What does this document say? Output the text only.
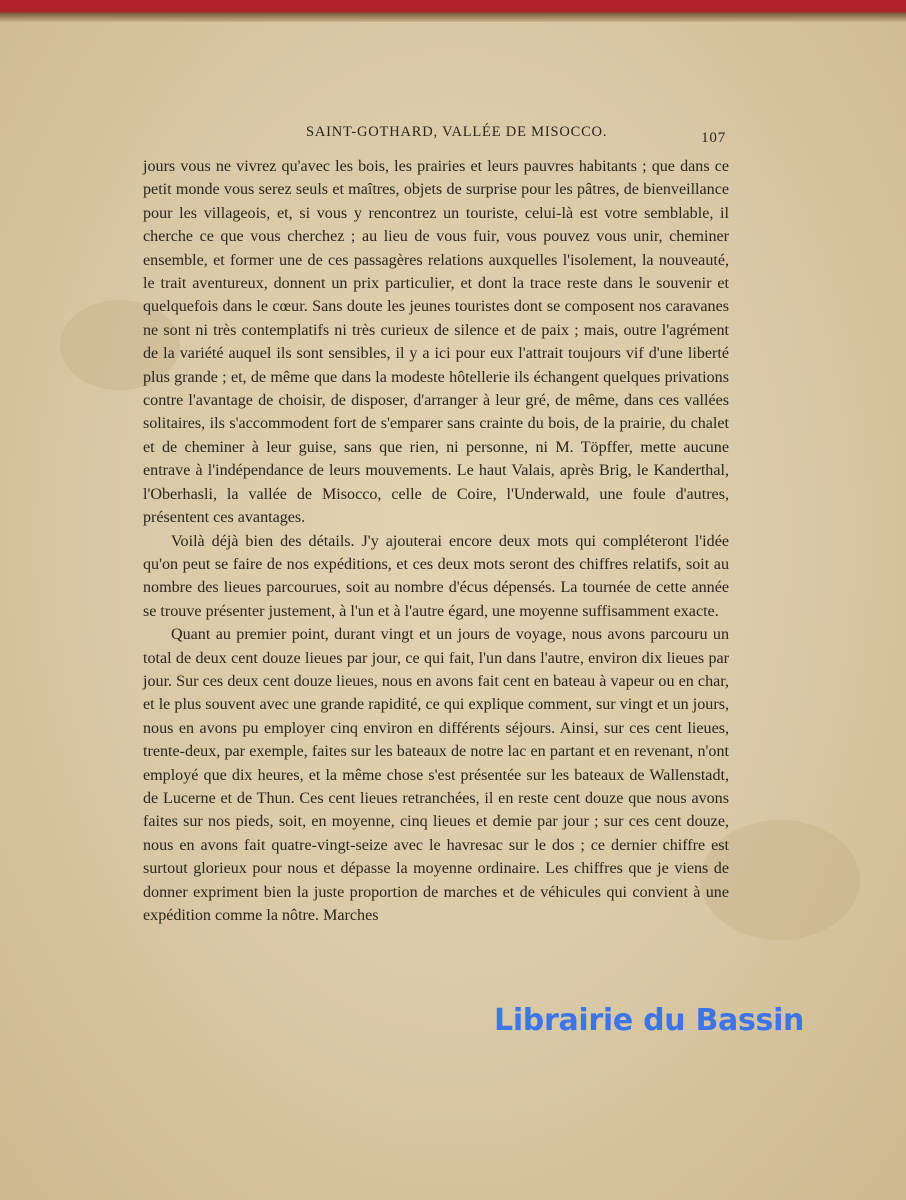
SAINT-GOTHARD, VALLÉE DE MISOCCO.	107

jours vous ne vivrez qu'avec les bois, les prairies et leurs pauvres habitants ; que dans ce petit monde vous serez seuls et maîtres, objets de surprise pour les pâtres, de bienveillance pour les villageois, et, si vous y rencontrez un touriste, celui-là est votre semblable, il cherche ce que vous cherchez ; au lieu de vous fuir, vous pouvez vous unir, cheminer ensemble, et former une de ces passagères relations auxquelles l'isolement, la nouveauté, le trait aventureux, donnent un prix particulier, et dont la trace reste dans le souvenir et quelquefois dans le cœur. Sans doute les jeunes touristes dont se composent nos caravanes ne sont ni très contemplatifs ni très curieux de silence et de paix ; mais, outre l'agrément de la variété auquel ils sont sensibles, il y a ici pour eux l'attrait toujours vif d'une liberté plus grande ; et, de même que dans la modeste hôtellerie ils échangent quelques privations contre l'avantage de choisir, de disposer, d'arranger à leur gré, de même, dans ces vallées solitaires, ils s'accommodent fort de s'emparer sans crainte du bois, de la prairie, du chalet et de cheminer à leur guise, sans que rien, ni personne, ni M. Töpffer, mette aucune entrave à l'indépendance de leurs mouvements. Le haut Valais, après Brig, le Kanderthal, l'Oberhasli, la vallée de Misocco, celle de Coire, l'Underwald, une foule d'autres, présentent ces avantages.

Voilà déjà bien des détails. J'y ajouterai encore deux mots qui compléteront l'idée qu'on peut se faire de nos expéditions, et ces deux mots seront des chiffres relatifs, soit au nombre des lieues parcourues, soit au nombre d'écus dépensés. La tournée de cette année se trouve présenter justement, à l'un et à l'autre égard, une moyenne suffisamment exacte.

Quant au premier point, durant vingt et un jours de voyage, nous avons parcouru un total de deux cent douze lieues par jour, ce qui fait, l'un dans l'autre, environ dix lieues par jour. Sur ces deux cent douze lieues, nous en avons fait cent en bateau à vapeur ou en char, et le plus souvent avec une grande rapidité, ce qui explique comment, sur vingt et un jours, nous en avons pu employer cinq environ en différents séjours. Ainsi, sur ces cent lieues, trente-deux, par exemple, faites sur les bateaux de notre lac en partant et en revenant, n'ont employé que dix heures, et la même chose s'est présentée sur les bateaux de Wallenstadt, de Lucerne et de Thun. Ces cent lieues retranchées, il en reste cent douze que nous avons faites sur nos pieds, soit, en moyenne, cinq lieues et demie par jour ; sur ces cent douze, nous en avons fait quatre-vingt-seize avec le havresac sur le dos ; ce dernier chiffre est surtout glorieux pour nous et dépasse la moyenne ordinaire. Les chiffres que je viens de donner expriment bien la juste proportion de marches et de véhicules qui convient à une expédition comme la nôtre. Marches

Librairie du Bassin
